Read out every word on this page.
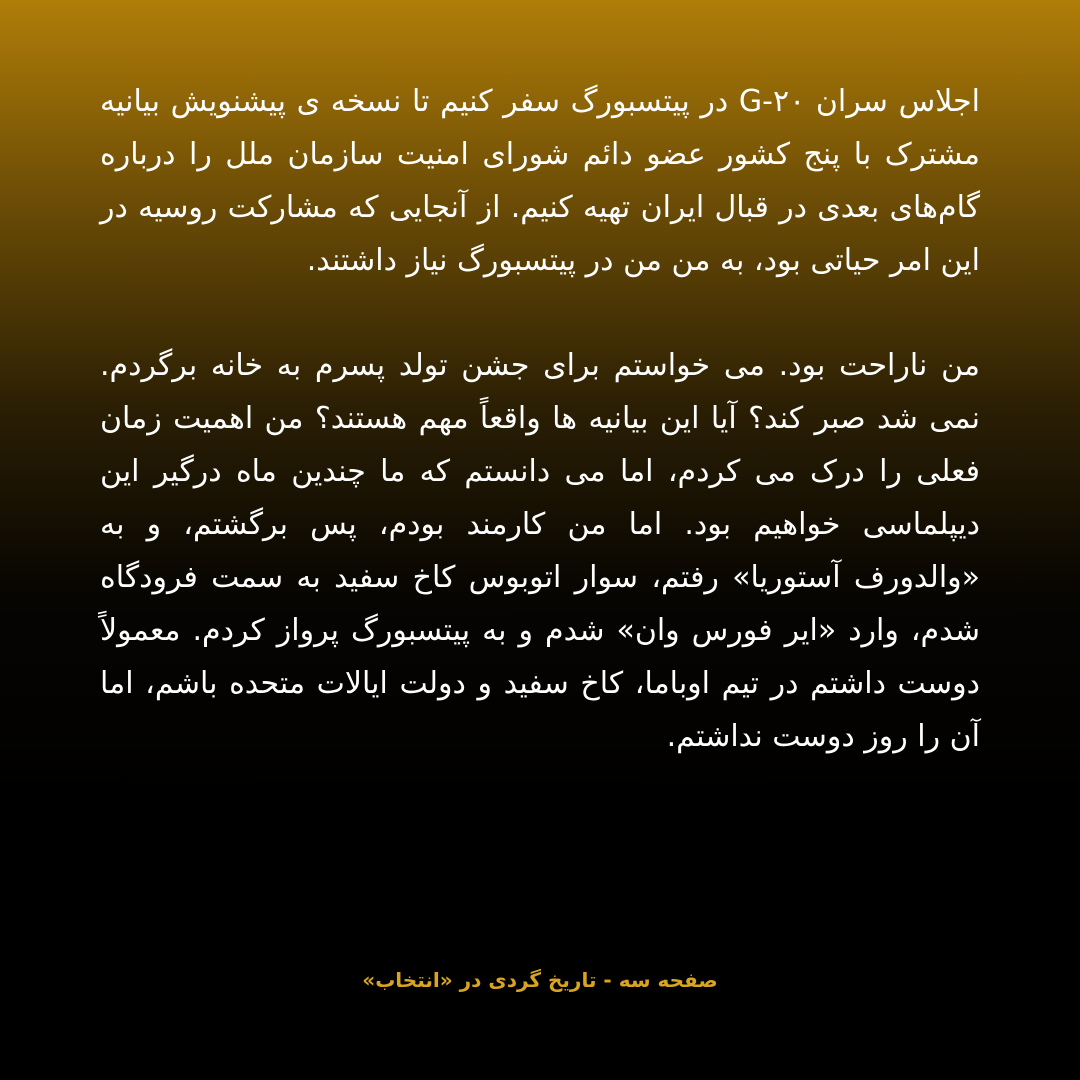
اجلاس سران G-۲۰ در پیتسبورگ سفر کنیم تا نسخه ی پیشنویش بیانیه مشترک با پنج کشور عضو دائم شورای امنیت سازمان ملل را درباره گام‌های بعدی در قبال ایران تهیه کنیم. از آنجایی که مشارکت روسیه در این امر حیاتی بود، به من من در پیتسبورگ نیاز داشتند.

من ناراحت بود. می خواستم برای جشن تولد پسرم به خانه برگردم. نمی شد صبر کند؟ آیا این بیانیه ها واقعاً مهم هستند؟ من اهمیت زمان فعلی را درک می کردم، اما می دانستم که ما چندین ماه درگیر این دیپلماسی خواهیم بود. اما من کارمند بودم، پس برگشتم، و به «والدورف آستوریا» رفتم، سوار اتوبوس کاخ سفید به سمت فرودگاه شدم، وارد «ایر فورس وان» شدم و به پیتسبورگ پرواز کردم. معمولاً دوست داشتم در تیم اوباما، کاخ سفید و دولت ایالات متحده باشم، اما آن را روز دوست نداشتم.

صفحه سه - تاریخ گردی در «انتخاب»
